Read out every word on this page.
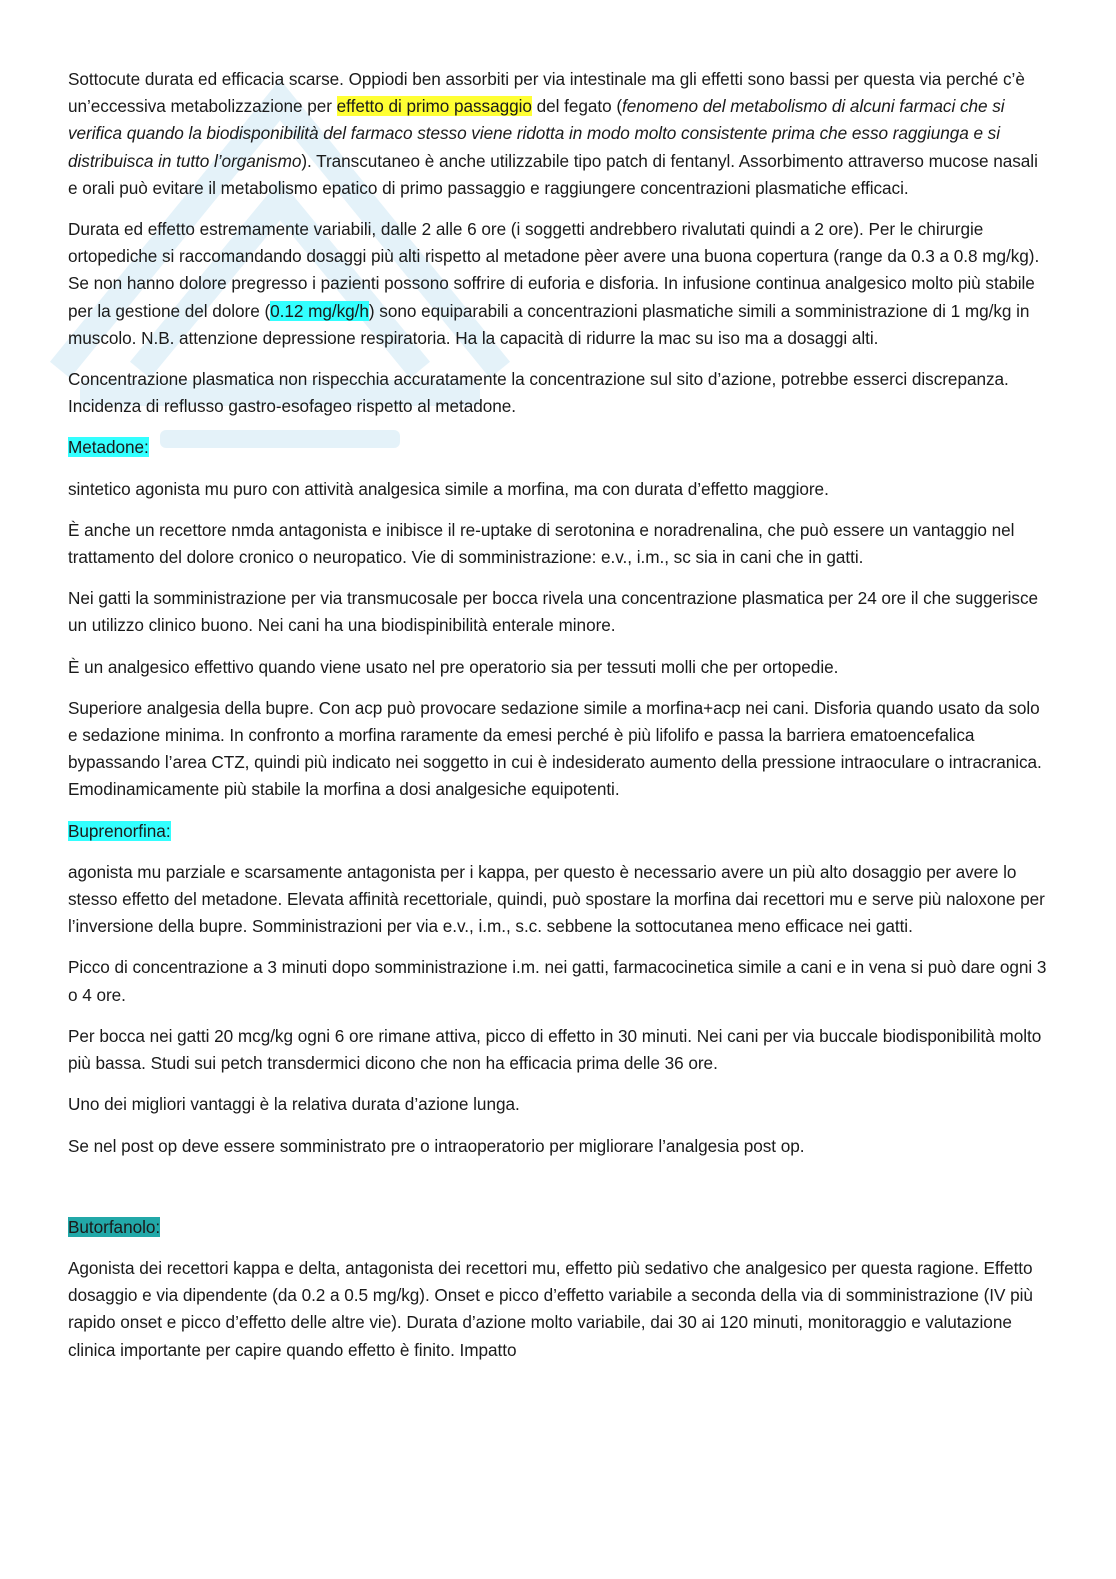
Sottocute durata ed efficacia scarse. Oppiodi ben assorbiti per via intestinale ma gli effetti sono bassi per questa via perché c’è un’eccessiva metabolizzazione per effetto di primo passaggio del fegato (fenomeno del metabolismo di alcuni farmaci che si verifica quando la biodisponibilità del farmaco stesso viene ridotta in modo molto consistente prima che esso raggiunga e si distribuisca in tutto l’organismo). Transcutaneo è anche utilizzabile tipo patch di fentanyl. Assorbimento attraverso mucose nasali e orali può evitare il metabolismo epatico di primo passaggio e raggiungere concentrazioni plasmatiche efficaci.

Durata ed effetto estremamente variabili, dalle 2 alle 6 ore (i soggetti andrebbero rivalutati quindi a 2 ore). Per le chirurgie ortopediche si raccomandando dosaggi più alti rispetto al metadone pèer avere una buona copertura (range da 0.3 a 0.8 mg/kg). Se non hanno dolore pregresso i pazienti possono soffrire di euforia e disforia. In infusione continua analgesico molto più stabile per la gestione del dolore (0.12 mg/kg/h) sono equiparabili a concentrazioni plasmatiche simili a somministrazione di 1 mg/kg in muscolo. N.B. attenzione depressione respiratoria. Ha la capacità di ridurre la mac su iso ma a dosaggi alti.

Concentrazione plasmatica non rispecchia accuratamente la concentrazione sul sito d’azione, potrebbe esserci discrepanza. Incidenza di reflusso gastro-esofageo rispetto al metadone.

Metadone:

sintetico agonista mu puro con attività analgesica simile a morfina, ma con durata d’effetto maggiore.

È anche un recettore nmda antagonista e inibisce il re-uptake di serotonina e noradrenalina, che può essere un vantaggio nel trattamento del dolore cronico o neuropatico. Vie di somministrazione: e.v., i.m., sc sia in cani che in gatti.

Nei gatti la somministrazione per via transmucosale per bocca rivela una concentrazione plasmatica per 24 ore il che suggerisce un utilizzo clinico buono. Nei cani ha una biodispinibilità enterale minore.

È un analgesico effettivo quando viene usato nel pre operatorio sia per tessuti molli che per ortopedie.

Superiore analgesia della bupre. Con acp può provocare sedazione simile a morfina+acp nei cani. Disforia quando usato da solo e sedazione minima. In confronto a morfina raramente da emesi perché è più lifolifo e passa la barriera ematoencefalica bypassando l’area CTZ, quindi più indicato nei soggetto in cui è indesiderato aumento della pressione intraoculare o intracranica. Emodinamicamente più stabile la morfina a dosi analgesiche equipotenti.

Buprenorfina:

agonista mu parziale e scarsamente antagonista per i kappa, per questo è necessario avere un più alto dosaggio per avere lo stesso effetto del metadone. Elevata affinità recettoriale, quindi, può spostare la morfina dai recettori mu e serve più naloxone per l’inversione della bupre. Somministrazioni per via e.v., i.m., s.c. sebbene la sottocutanea meno efficace nei gatti.

Picco di concentrazione a 3 minuti dopo somministrazione i.m. nei gatti, farmacocinetica simile a cani e in vena si può dare ogni 3 o 4 ore.

Per bocca nei gatti 20 mcg/kg ogni 6 ore rimane attiva, picco di effetto in 30 minuti. Nei cani per via buccale biodisponibilità molto più bassa. Studi sui petch transdermici dicono che non ha efficacia prima delle 36 ore.

Uno dei migliori vantaggi è la relativa durata d’azione lunga.

Se nel post op deve essere somministrato pre o intraoperatorio per migliorare l’analgesia post op.

Butorfanolo:

Agonista dei recettori kappa e delta, antagonista dei recettori mu, effetto più sedativo che analgesico per questa ragione. Effetto dosaggio e via dipendente (da 0.2 a 0.5 mg/kg). Onset e picco d’effetto variabile a seconda della via di somministrazione (IV più rapido onset e picco d’effetto delle altre vie). Durata d’azione molto variabile, dai 30 ai 120 minuti, monitoraggio e valutazione clinica importante per capire quando effetto è finito. Impatto
